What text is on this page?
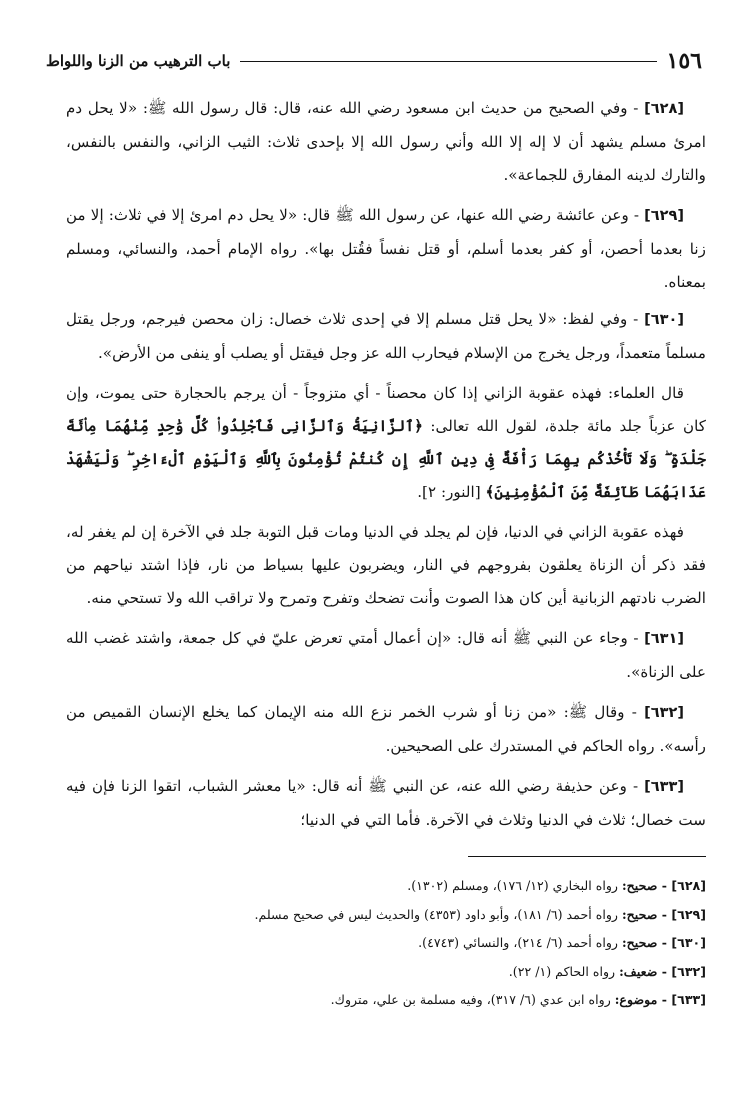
١٥٦
باب الترهيب من الزنا واللواط

[٦٢٨] - وفي الصحيح من حديث ابن مسعود رضي الله عنه، قال: قال رسول الله ﷺ: «لا يحل دم امرئ مسلم يشهد أن لا إله إلا الله وأني رسول الله إلا بإحدى ثلاث: الثيب الزاني، والنفس بالنفس، والتارك لدينه المفارق للجماعة».

[٦٢٩] - وعن عائشة رضي الله عنها، عن رسول الله ﷺ قال: «لا يحل دم امرئ إلا في ثلاث: إلا من زنا بعدما أحصن، أو كفر بعدما أسلم، أو قتل نفساً فقُتل بها». رواه الإمام أحمد، والنسائي، ومسلم بمعناه.

[٦٣٠] - وفي لفظ: «لا يحل قتل مسلم إلا في إحدى ثلاث خصال: زان محصن فيرجم، ورجل يقتل مسلماً متعمداً، ورجل يخرج من الإسلام فيحارب الله عز وجل فيقتل أو يصلب أو ينفى من الأرض».

قال العلماء: فهذه عقوبة الزاني إذا كان محصناً - أي متزوجاً - أن يرجم بالحجارة حتى يموت، وإن كان عزباً جلد مائة جلدة، لقول الله تعالى: ﴿ٱلزَّانِيَةُ وَٱلزَّانِى فَٱجْلِدُوا۟ كُلَّ وَٰحِدٍ مِّنْهُمَا مِا۟ئَةَ جَلْدَةٍ ۖ وَلَا تَأْخُذْكُم بِهِمَا رَأْفَةٌ فِى دِينِ ٱللَّهِ إِن كُنتُمْ تُؤْمِنُونَ بِٱللَّهِ وَٱلْيَوْمِ ٱلْءَاخِرِ ۖ وَلْيَشْهَدْ عَذَابَهُمَا طَآئِفَةٌ مِّنَ ٱلْمُؤْمِنِينَ﴾ [النور: ٢].

فهذه عقوبة الزاني في الدنيا، فإن لم يجلد في الدنيا ومات قبل التوبة جلد في الآخرة إن لم يغفر له، فقد ذكر أن الزناة يعلقون بفروجهم في النار، ويضربون عليها بسياط من نار، فإذا اشتد نياحهم من الضرب نادتهم الزبانية أين كان هذا الصوت وأنت تضحك وتفرح وتمرح ولا تراقب الله ولا تستحي منه.

[٦٣١] - وجاء عن النبي ﷺ أنه قال: «إن أعمال أمتي تعرض عليّ في كل جمعة، واشتد غضب الله على الزناة».

[٦٣٢] - وقال ﷺ: «من زنا أو شرب الخمر نزع الله منه الإيمان كما يخلع الإنسان القميص من رأسه». رواه الحاكم في المستدرك على الصحيحين.

[٦٣٣] - وعن حذيفة رضي الله عنه، عن النبي ﷺ أنه قال: «يا معشر الشباب، اتقوا الزنا فإن فيه ست خصال؛ ثلاث في الدنيا وثلاث في الآخرة. فأما التي في الدنيا؛

[٦٢٨] - صحيح: رواه البخاري (١٢/ ١٧٦)، ومسلم (١٣٠٢).

[٦٢٩] - صحيح: رواه أحمد (٦/ ١٨١)، وأبو داود (٤٣٥٣) والحديث ليس في صحيح مسلم.

[٦٣٠] - صحيح: رواه أحمد (٦/ ٢١٤)، والنسائي (٤٧٤٣).

[٦٣٢] - ضعيف: رواه الحاكم (١/ ٢٢).

[٦٣٣] - موضوع: رواه ابن عدي (٦/ ٣١٧)، وفيه مسلمة بن علي، متروك.
